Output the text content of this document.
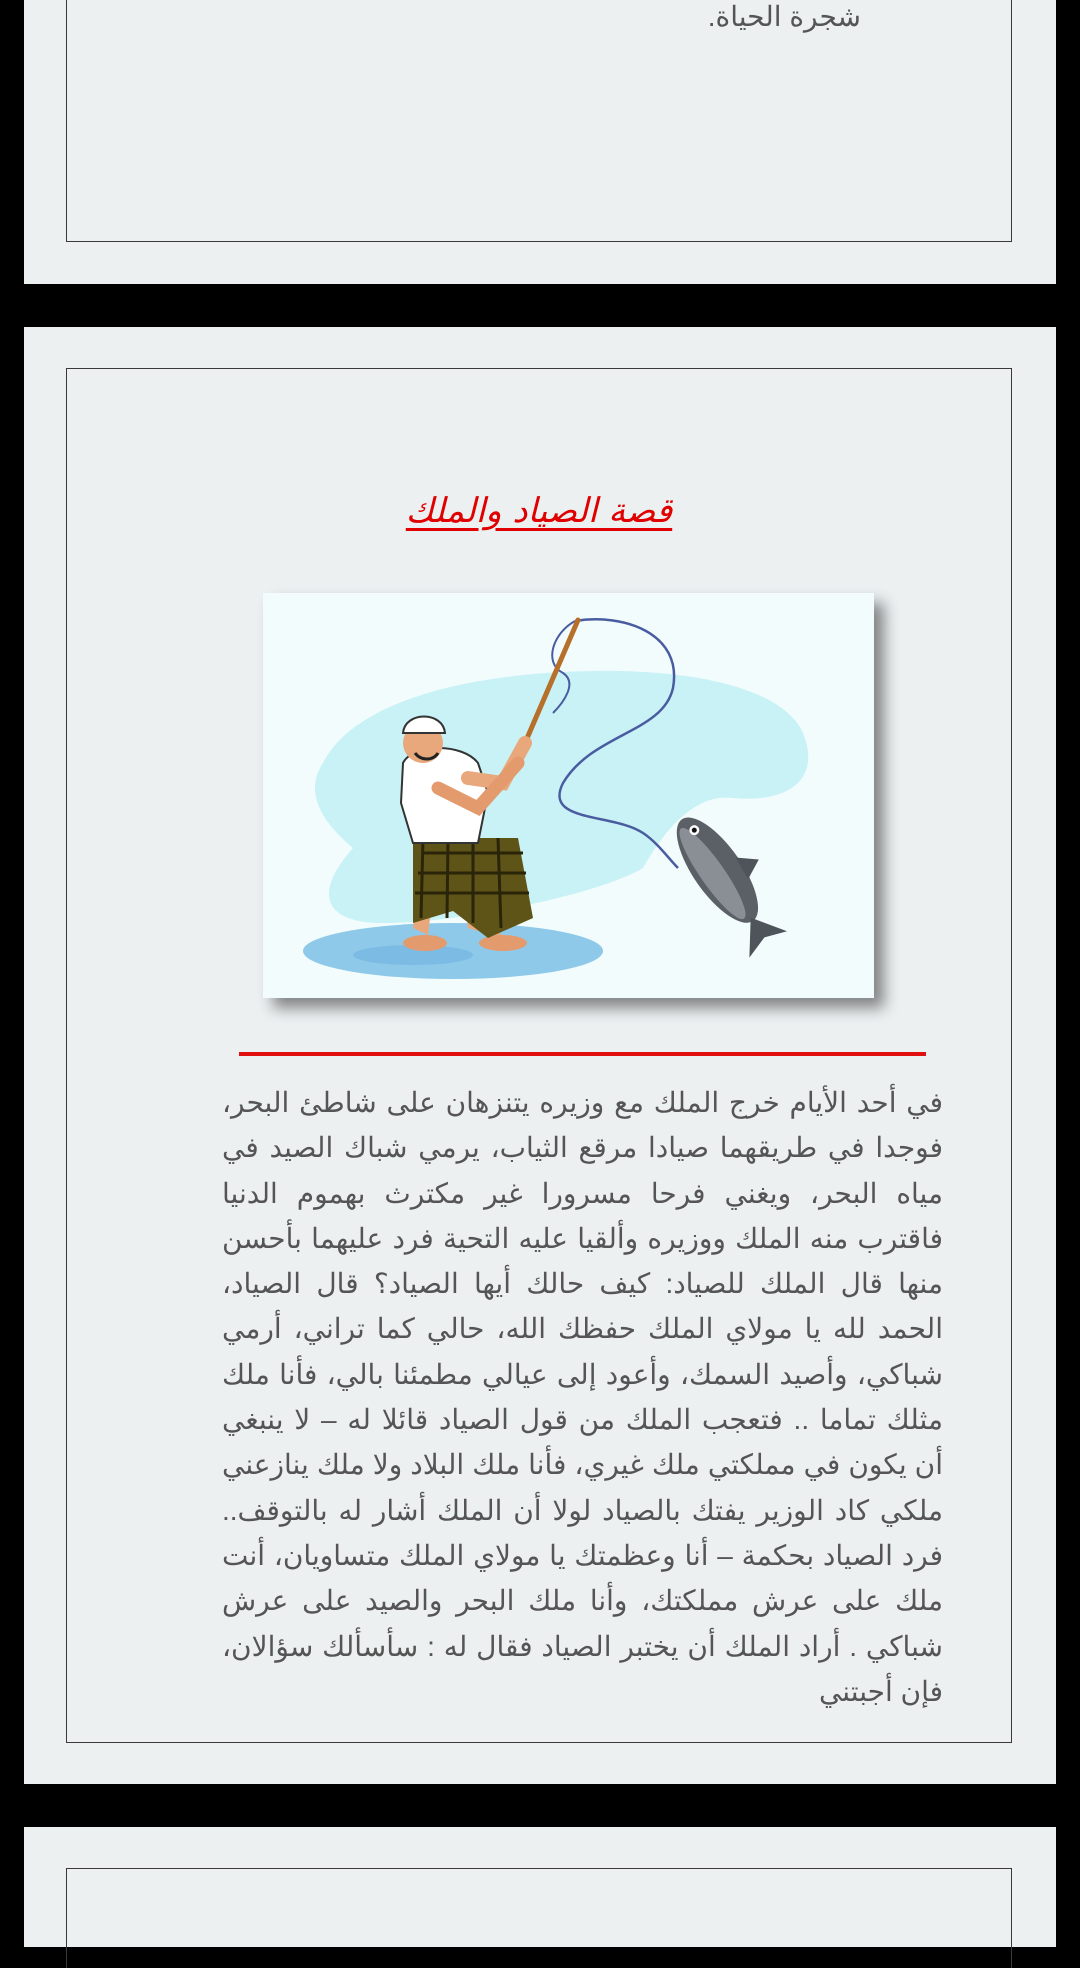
شجرة الحياة.

قصة الصياد والملك

في أحد الأيام خرج الملك مع وزيره يتنزهان على شاطئ البحر، فوجدا في طريقهما صيادا مرقع الثياب، يرمي شباك الصيد في مياه البحر، ويغني فرحا مسرورا غير مكترث بهموم الدنيا فاقترب منه الملك ووزيره وألقيا عليه التحية فرد عليهما بأحسن منها قال الملك للصياد: كيف حالك أيها الصياد؟ قال الصياد، الحمد لله يا مولاي الملك حفظك الله، حالي كما تراني، أرمي شباكي، وأصيد السمك، وأعود إلى عيالي مطمئنا بالي، فأنا ملك مثلك تماما .. فتعجب الملك من قول الصياد قائلا له – لا ينبغي أن يكون في مملكتي ملك غيري، فأنا ملك البلاد ولا ملك ينازعني ملكي كاد الوزير يفتك بالصياد لولا أن الملك أشار له بالتوقف.. فرد الصياد بحكمة – أنا وعظمتك يا مولاي الملك متساويان، أنت ملك على عرش مملكتك، وأنا ملك البحر والصيد على عرش شباكي . أراد الملك أن يختبر الصياد فقال له : سأسألك سؤالان، فإن أجبتني
